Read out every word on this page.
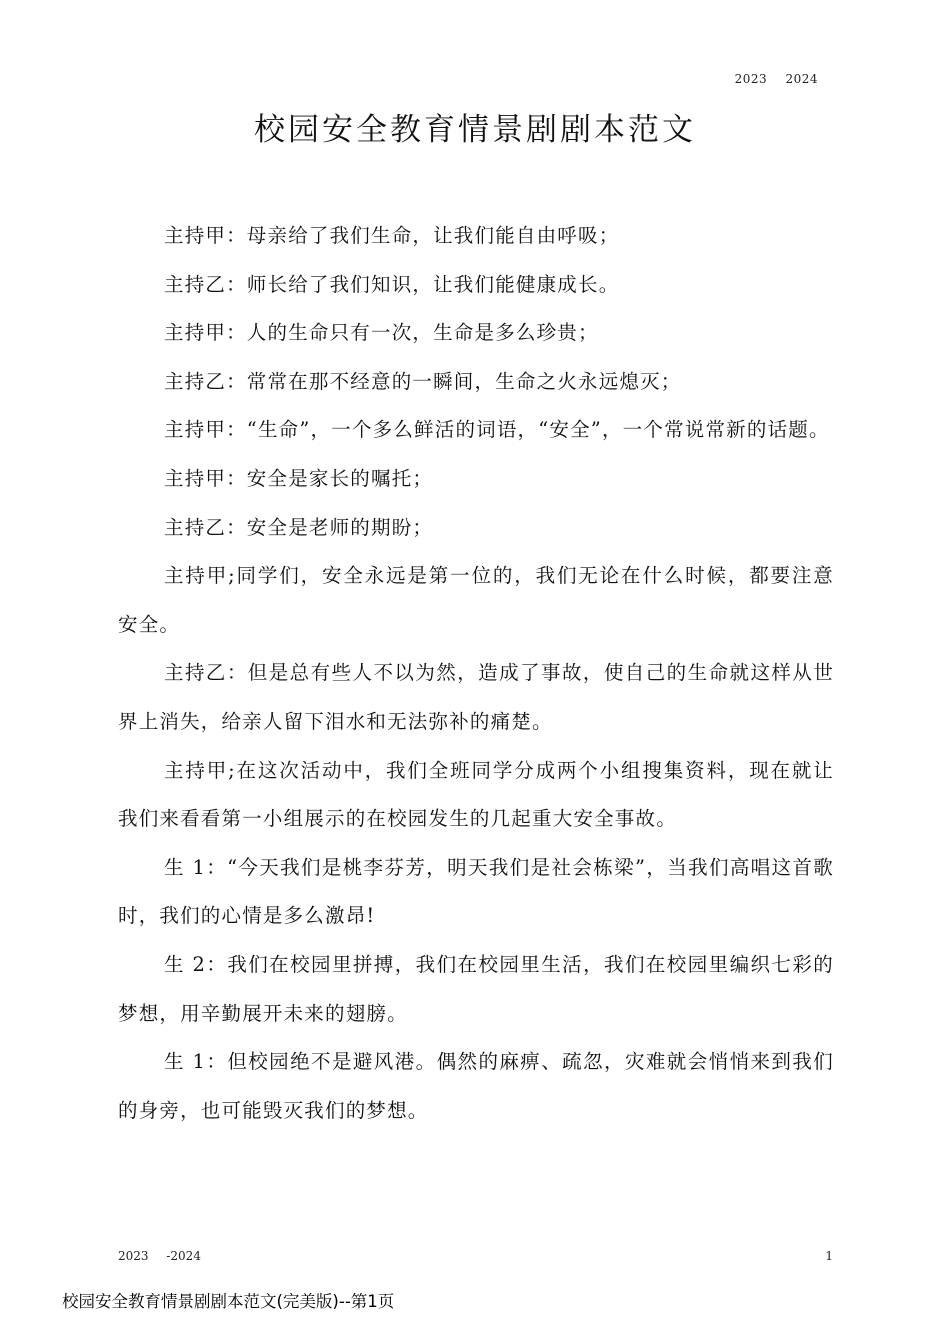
2023 2024
校园安全教育情景剧剧本范文

主持甲：母亲给了我们生命，让我们能自由呼吸；

主持乙：师长给了我们知识，让我们能健康成长。

主持甲：人的生命只有一次，生命是多么珍贵；

主持乙：常常在那不经意的一瞬间，生命之火永远熄灭；

主持甲：“生命”，一个多么鲜活的词语，“安全”，一个常说常新的话题。

主持甲：安全是家长的嘱托；

主持乙：安全是老师的期盼；

主持甲;同学们，安全永远是第一位的，我们无论在什么时候，都要注意安全。

主持乙：但是总有些人不以为然，造成了事故，使自己的生命就这样从世界上消失，给亲人留下泪水和无法弥补的痛楚。

主持甲;在这次活动中，我们全班同学分成两个小组搜集资料，现在就让我们来看看第一小组展示的在校园发生的几起重大安全事故。

生 1：“今天我们是桃李芬芳，明天我们是社会栋梁”，当我们高唱这首歌时，我们的心情是多么激昂!

生 2：我们在校园里拼搏，我们在校园里生活，我们在校园里编织七彩的梦想，用辛勤展开未来的翅膀。

生 1：但校园绝不是避风港。偶然的麻痹、疏忽，灾难就会悄悄来到我们的身旁，也可能毁灭我们的梦想。

2023 -2024	1
校园安全教育情景剧剧本范文(完美版)--第1页
